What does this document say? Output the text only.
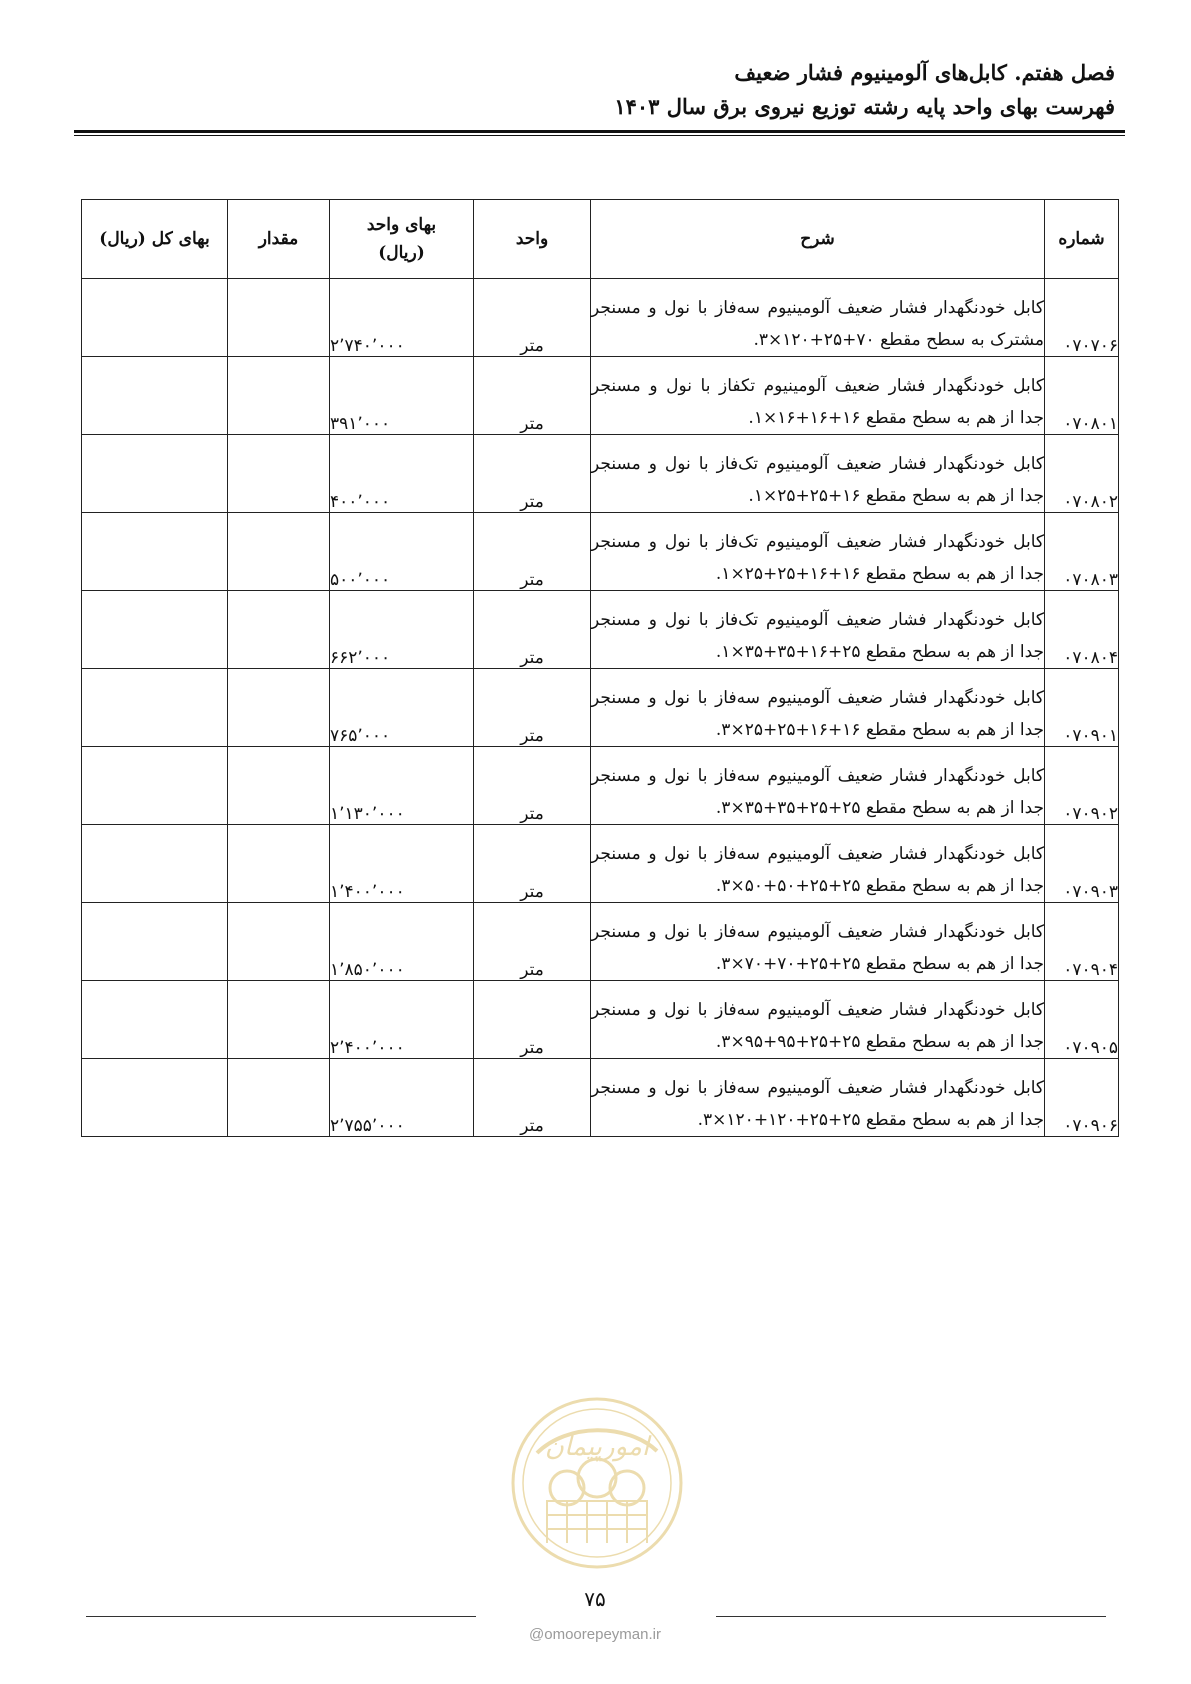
فصل هفتم. کابل‌های آلومینیوم فشار ضعیف
فهرست بهای واحد پایه رشته توزیع نیروی برق سال ۱۴۰۳
شماره	شرح	واحد	بهای واحد
(ریال)	مقدار	بهای کل (ریال)
۰۷۰۷۰۶	کابل خودنگهدار فشار ضعیف آلومینیوم سه‌فاز با نول و مسنجر مشترک به سطح مقطع ۷۰+۲۵+۱۲۰×۳.	متر	۲٬۷۴۰٬۰۰۰		
۰۷۰۸۰۱	کابل خودنگهدار فشار ضعیف آلومینیوم تکفاز با نول و مسنجر جدا از هم به سطح مقطع ۱۶+۱۶+۱۶×۱.	متر	۳۹۱٬۰۰۰		
۰۷۰۸۰۲	کابل خودنگهدار فشار ضعیف آلومینیوم تک‌فاز با نول و مسنجر جدا از هم به سطح مقطع ۱۶+۲۵+۲۵×۱.	متر	۴۰۰٬۰۰۰		
۰۷۰۸۰۳	کابل خودنگهدار فشار ضعیف آلومینیوم تک‌فاز با نول و مسنجر جدا از هم به سطح مقطع ۱۶+۱۶+۲۵+۲۵×۱.	متر	۵۰۰٬۰۰۰		
۰۷۰۸۰۴	کابل خودنگهدار فشار ضعیف آلومینیوم تک‌فاز با نول و مسنجر جدا از هم به سطح مقطع ۲۵+۱۶+۳۵+۳۵×۱.	متر	۶۶۲٬۰۰۰		
۰۷۰۹۰۱	کابل خودنگهدار فشار ضعیف آلومینیوم سه‌فاز با نول و مسنجر جدا از هم به سطح مقطع ۱۶+۱۶+۲۵+۲۵×۳.	متر	۷۶۵٬۰۰۰		
۰۷۰۹۰۲	کابل خودنگهدار فشار ضعیف آلومینیوم سه‌فاز با نول و مسنجر جدا از هم به سطح مقطع ۲۵+۲۵+۳۵+۳۵×۳.	متر	۱٬۱۳۰٬۰۰۰		
۰۷۰۹۰۳	کابل خودنگهدار فشار ضعیف آلومینیوم سه‌فاز با نول و مسنجر جدا از هم به سطح مقطع ۲۵+۲۵+۵۰+۵۰×۳.	متر	۱٬۴۰۰٬۰۰۰		
۰۷۰۹۰۴	کابل خودنگهدار فشار ضعیف آلومینیوم سه‌فاز با نول و مسنجر جدا از هم به سطح مقطع ۲۵+۲۵+۷۰+۷۰×۳.	متر	۱٬۸۵۰٬۰۰۰		
۰۷۰۹۰۵	کابل خودنگهدار فشار ضعیف آلومینیوم سه‌فاز با نول و مسنجر جدا از هم به سطح مقطع ۲۵+۲۵+۹۵+۹۵×۳.	متر	۲٬۴۰۰٬۰۰۰		
۰۷۰۹۰۶	کابل خودنگهدار فشار ضعیف آلومینیوم سه‌فاز با نول و مسنجر جدا از هم به سطح مقطع ۲۵+۲۵+۱۲۰+۱۲۰×۳.	متر	۲٬۷۵۵٬۰۰۰		
امورپیمان
۷۵
@omoorepeyman.ir
